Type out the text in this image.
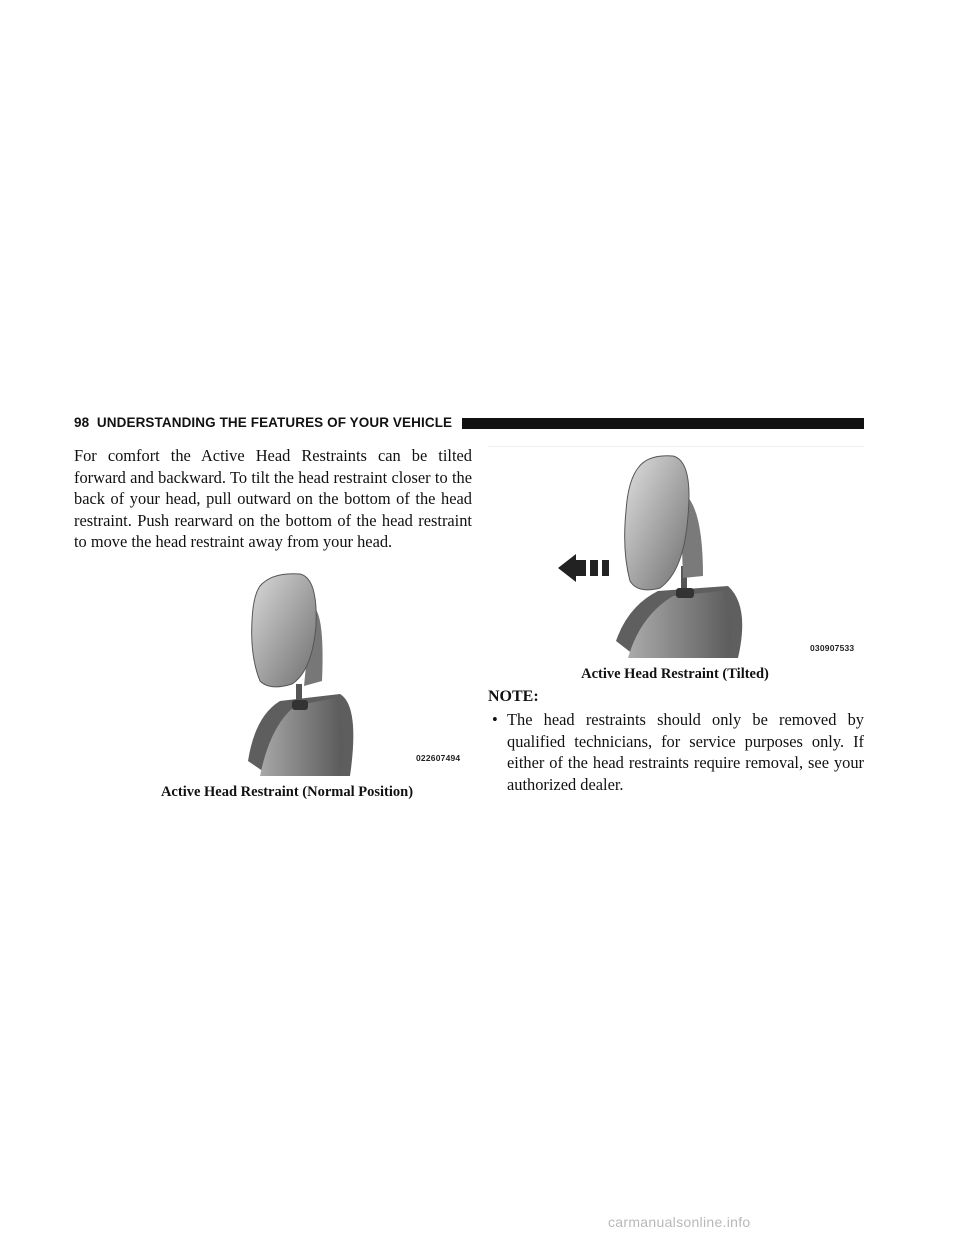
98 UNDERSTANDING THE FEATURES OF YOUR VEHICLE

For comfort the Active Head Restraints can be tilted forward and backward. To tilt the head restraint closer to the back of your head, pull outward on the bottom of the head restraint. Push rearward on the bottom of the head restraint to move the head restraint away from your head.

022607494
Active Head Restraint (Normal Position)
030907533
Active Head Restraint (Tilted)
NOTE:
• The head restraints should only be removed by qualified technicians, for service purposes only. If either of the head restraints require removal, see your authorized dealer.
carmanualsonline.info
